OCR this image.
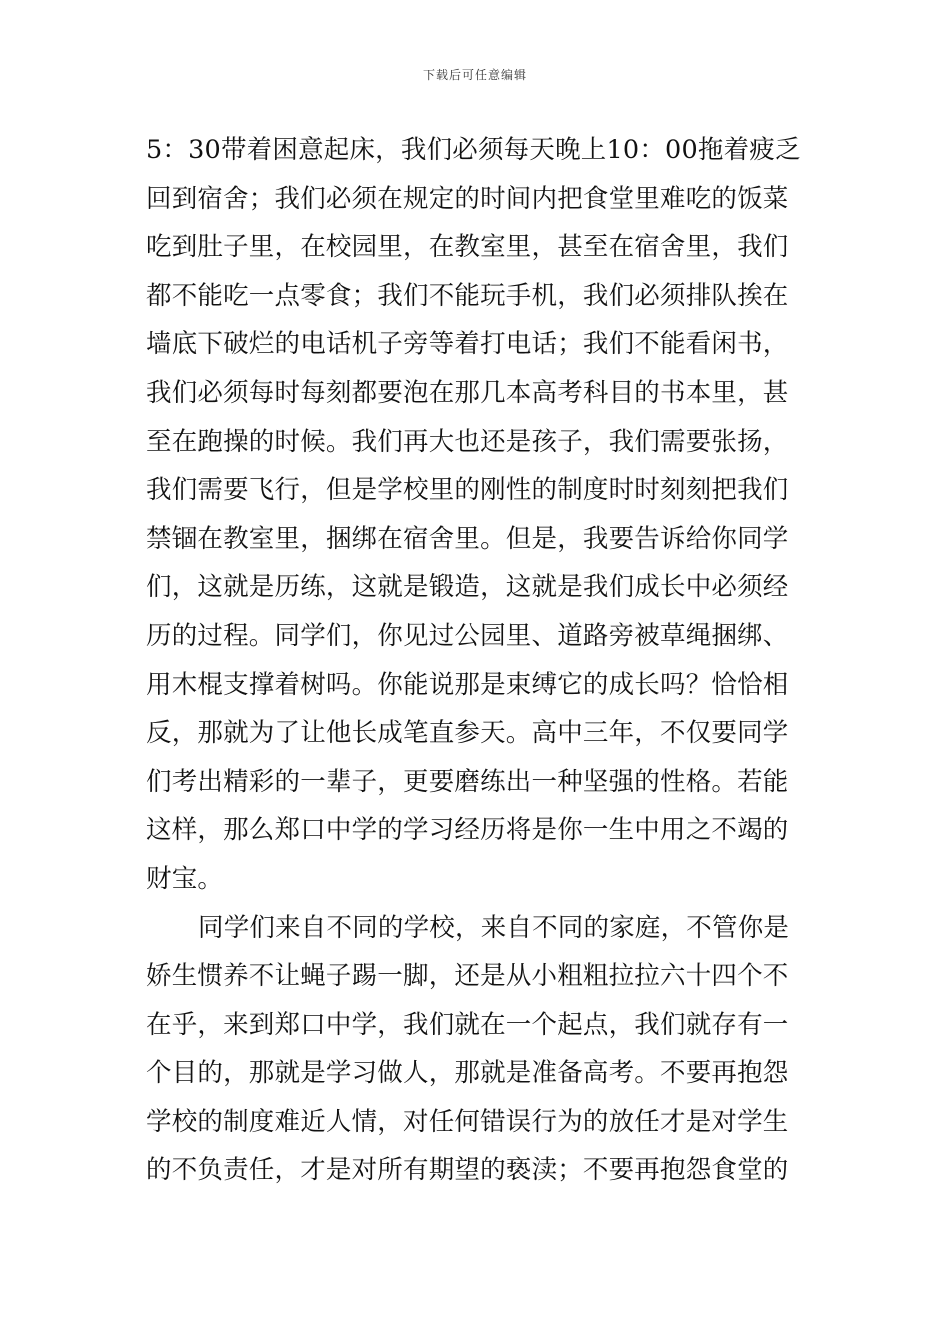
下载后可任意编辑
5：30带着困意起床，我们必须每天晚上10：00拖着疲乏
回到宿舍；我们必须在规定的时间内把食堂里难吃的饭菜
吃到肚子里，在校园里，在教室里，甚至在宿舍里，我们
都不能吃一点零食；我们不能玩手机，我们必须排队挨在
墙底下破烂的电话机子旁等着打电话；我们不能看闲书，
我们必须每时每刻都要泡在那几本高考科目的书本里，甚
至在跑操的时候。我们再大也还是孩子，我们需要张扬，
我们需要飞行，但是学校里的刚性的制度时时刻刻把我们
禁锢在教室里，捆绑在宿舍里。但是，我要告诉给你同学
们，这就是历练，这就是锻造，这就是我们成长中必须经
历的过程。同学们，你见过公园里、道路旁被草绳捆绑、
用木棍支撑着树吗。你能说那是束缚它的成长吗？恰恰相
反，那就为了让他长成笔直参天。高中三年，不仅要同学
们考出精彩的一辈子，更要磨练出一种坚强的性格。若能
这样，那么郑口中学的学习经历将是你一生中用之不竭的
财宝。
同学们来自不同的学校，来自不同的家庭，不管你是
娇生惯养不让蝇子踢一脚，还是从小粗粗拉拉六十四个不
在乎，来到郑口中学，我们就在一个起点，我们就存有一
个目的，那就是学习做人，那就是准备高考。不要再抱怨
学校的制度难近人情，对任何错误行为的放任才是对学生
的不负责任，才是对所有期望的亵渎；不要再抱怨食堂的
